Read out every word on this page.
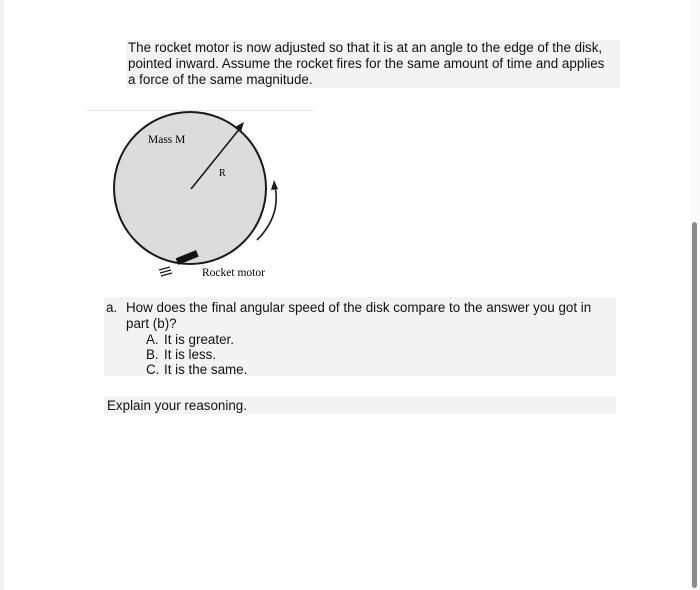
The rocket motor is now adjusted so that it is at an angle to the edge of the disk,
pointed inward. Assume the rocket fires for the same amount of time and applies
a force of the same magnitude.
Mass M
R
Rocket motor
a. How does the final angular speed of the disk compare to the answer you got in
part (b)?
A. It is greater.
B. It is less.
C. It is the same.
Explain your reasoning.
